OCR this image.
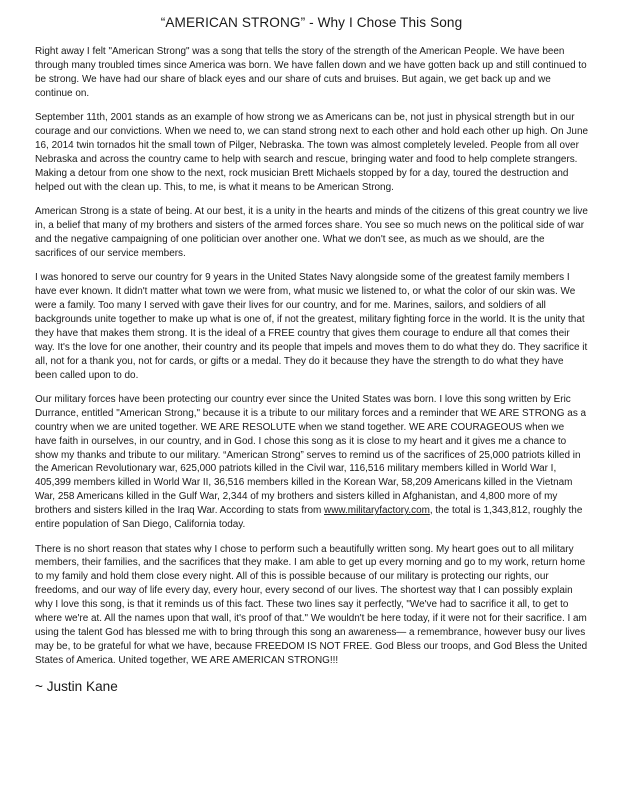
“AMERICAN STRONG” - Why I Chose This Song

Right away I felt "American Strong" was a song that tells the story of the strength of the American People. We have been through many troubled times since America was born. We have fallen down and we have gotten back up and still continued to be strong. We have had our share of black eyes and our share of cuts and bruises. But again, we get back up and we continue on.

September 11th, 2001 stands as an example of how strong we as Americans can be, not just in physical strength but in our courage and our convictions. When we need to, we can stand strong next to each other and hold each other up high. On June 16, 2014 twin tornados hit the small town of Pilger, Nebraska. The town was almost completely leveled. People from all over Nebraska and across the country came to help with search and rescue, bringing water and food to help complete strangers. Making a detour from one show to the next, rock musician Brett Michaels stopped by for a day, toured the destruction and helped out with the clean up. This, to me, is what it means to be American Strong.

American Strong is a state of being. At our best, it is a unity in the hearts and minds of the citizens of this great country we live in, a belief that many of my brothers and sisters of the armed forces share. You see so much news on the political side of war and the negative campaigning of one politician over another one. What we don't see, as much as we should, are the sacrifices of our service members.

I was honored to serve our country for 9 years in the United States Navy alongside some of the greatest family members I have ever known. It didn't matter what town we were from, what music we listened to, or what the color of our skin was. We were a family. Too many I served with gave their lives for our country, and for me. Marines, sailors, and soldiers of all backgrounds unite together to make up what is one of, if not the greatest, military fighting force in the world. It is the unity that they have that makes them strong. It is the ideal of a FREE country that gives them courage to endure all that comes their way. It's the love for one another, their country and its people that impels and moves them to do what they do. They sacrifice it all, not for a thank you, not for cards, or gifts or a medal. They do it because they have the strength to do what they have been called upon to do.

Our military forces have been protecting our country ever since the United States was born. I love this song written by Eric Durrance, entitled "American Strong," because it is a tribute to our military forces and a reminder that WE ARE STRONG as a country when we are united together. WE ARE RESOLUTE when we stand together. WE ARE COURAGEOUS when we have faith in ourselves, in our country, and in God. I chose this song as it is close to my heart and it gives me a chance to show my thanks and tribute to our military. “American Strong” serves to remind us of the sacrifices of 25,000 patriots killed in the American Revolutionary war, 625,000 patriots killed in the Civil war, 116,516 military members killed in World War I, 405,399 members killed in World War II, 36,516 members killed in the Korean War, 58,209 Americans killed in the Vietnam War, 258 Americans killed in the Gulf War, 2,344 of my brothers and sisters killed in Afghanistan, and 4,800 more of my brothers and sisters killed in the Iraq War. According to stats from www.militaryfactory.com, the total is 1,343,812, roughly the entire population of San Diego, California today.

There is no short reason that states why I chose to perform such a beautifully written song. My heart goes out to all military members, their families, and the sacrifices that they make. I am able to get up every morning and go to my work, return home to my family and hold them close every night. All of this is possible because of our military is protecting our rights, our freedoms, and our way of life every day, every hour, every second of our lives. The shortest way that I can possibly explain why I love this song, is that it reminds us of this fact. These two lines say it perfectly, "We've had to sacrifice it all, to get to where we're at. All the names upon that wall, it's proof of that." We wouldn't be here today, if it were not for their sacrifice. I am using the talent God has blessed me with to bring through this song an awareness— a remembrance, however busy our lives may be, to be grateful for what we have, because FREEDOM IS NOT FREE. God Bless our troops, and God Bless the United States of America. United together, WE ARE AMERICAN STRONG!!!

~ Justin Kane
